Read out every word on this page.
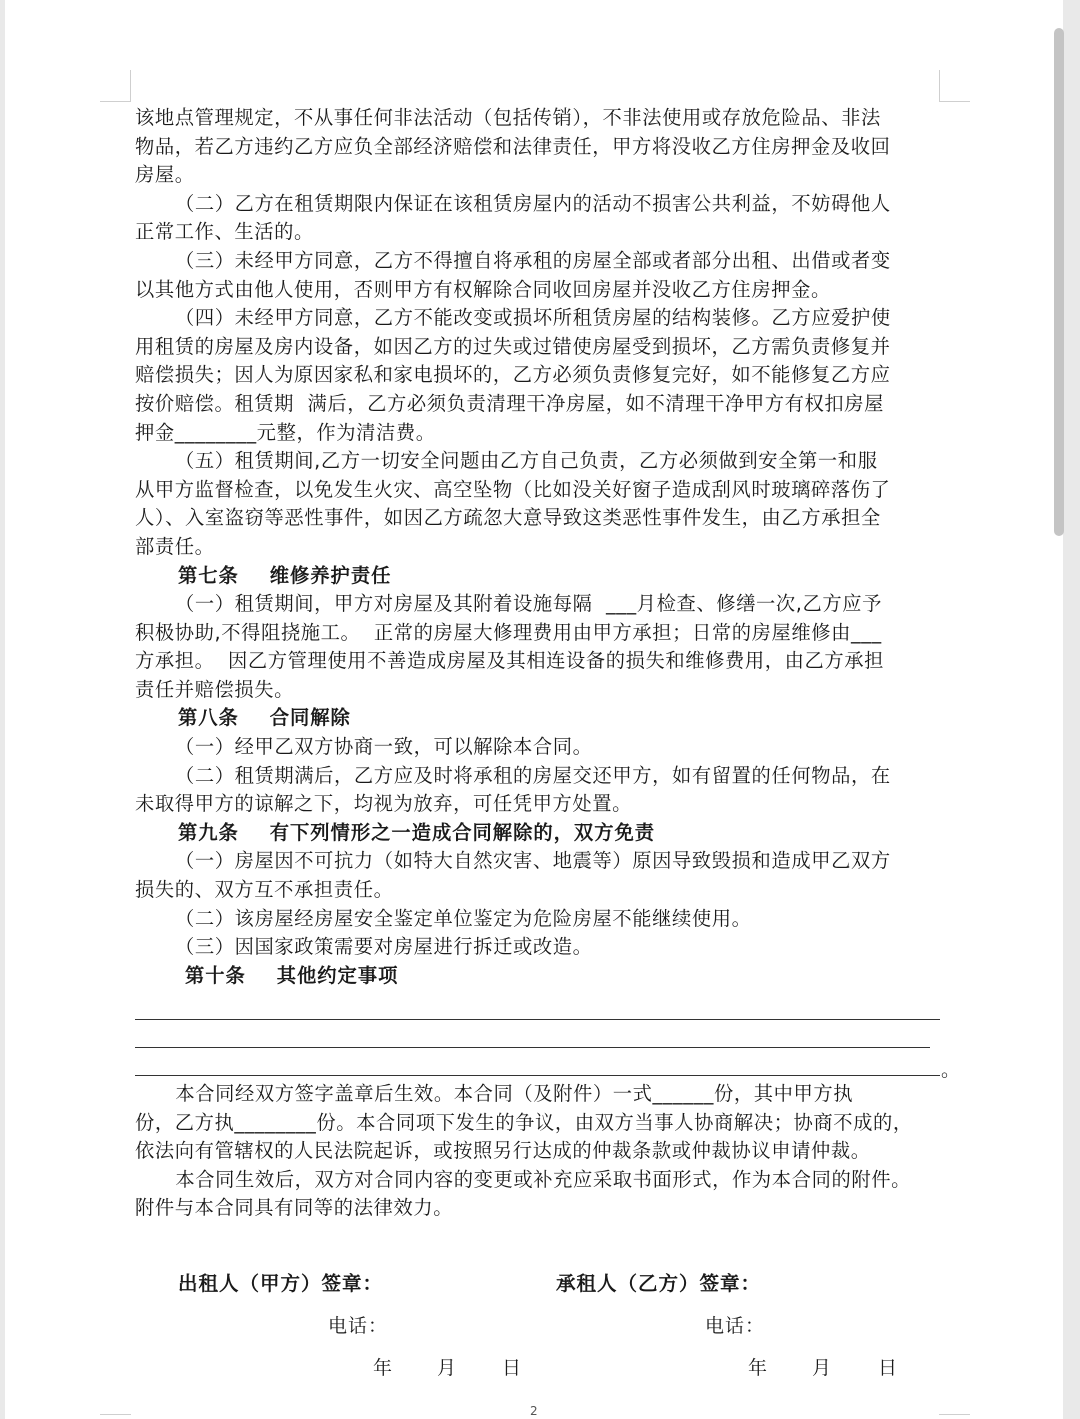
该地点管理规定，不从事任何非法活动（包括传销），不非法使用或存放危险品、非法
物品，若乙方违约乙方应负全部经济赔偿和法律责任，甲方将没收乙方住房押金及收回
房屋。
（二）乙方在租赁期限内保证在该租赁房屋内的活动不损害公共利益，不妨碍他人
正常工作、生活的。
（三）未经甲方同意，乙方不得擅自将承租的房屋全部或者部分出租、出借或者变
以其他方式由他人使用，否则甲方有权解除合同收回房屋并没收乙方住房押金。
（四）未经甲方同意，乙方不能改变或损坏所租赁房屋的结构装修。乙方应爱护使
用租赁的房屋及房内设备，如因乙方的过失或过错使房屋受到损坏，乙方需负责修复并
赔偿损失；因人为原因家私和家电损坏的，乙方必须负责修复完好，如不能修复乙方应
按价赔偿。租赁期  满后，乙方必须负责清理干净房屋，如不清理干净甲方有权扣房屋
押金________元整，作为清洁费。
（五）租赁期间,乙方一切安全问题由乙方自己负责，乙方必须做到安全第一和服
从甲方监督检查，以免发生火灾、高空坠物（比如没关好窗子造成刮风时玻璃碎落伤了
人）、入室盗窃等恶性事件，如因乙方疏忽大意导致这类恶性事件发生，由乙方承担全
部责任。
第七条    维修养护责任
（一）租赁期间，甲方对房屋及其附着设施每隔  ___月检查、修缮一次,乙方应予
积极协助,不得阻挠施工。  正常的房屋大修理费用由甲方承担；日常的房屋维修由___
方承担。  因乙方管理使用不善造成房屋及其相连设备的损失和维修费用，由乙方承担
责任并赔偿损失。
第八条    合同解除
（一）经甲乙双方协商一致，可以解除本合同。
（二）租赁期满后，乙方应及时将承租的房屋交还甲方，如有留置的任何物品，在
未取得甲方的谅解之下，均视为放弃，可任凭甲方处置。
第九条    有下列情形之一造成合同解除的，双方免责
（一）房屋因不可抗力（如特大自然灾害、地震等）原因导致毁损和造成甲乙双方
损失的、双方互不承担责任。
（二）该房屋经房屋安全鉴定单位鉴定为危险房屋不能继续使用。
（三）因国家政策需要对房屋进行拆迁或改造。
第十条    其他约定事项
。
本合同经双方签字盖章后生效。本合同（及附件）一式______份，其中甲方执
份，乙方执________份。本合同项下发生的争议，由双方当事人协商解决；协商不成的，
依法向有管辖权的人民法院起诉，或按照另行达成的仲裁条款或仲裁协议申请仲裁。
本合同生效后，双方对合同内容的变更或补充应采取书面形式，作为本合同的附件。
附件与本合同具有同等的法律效力。
出租人（甲方）签章：	承租人（乙方）签章：
电话：	电话：
年 月 日	年 月 日
2
